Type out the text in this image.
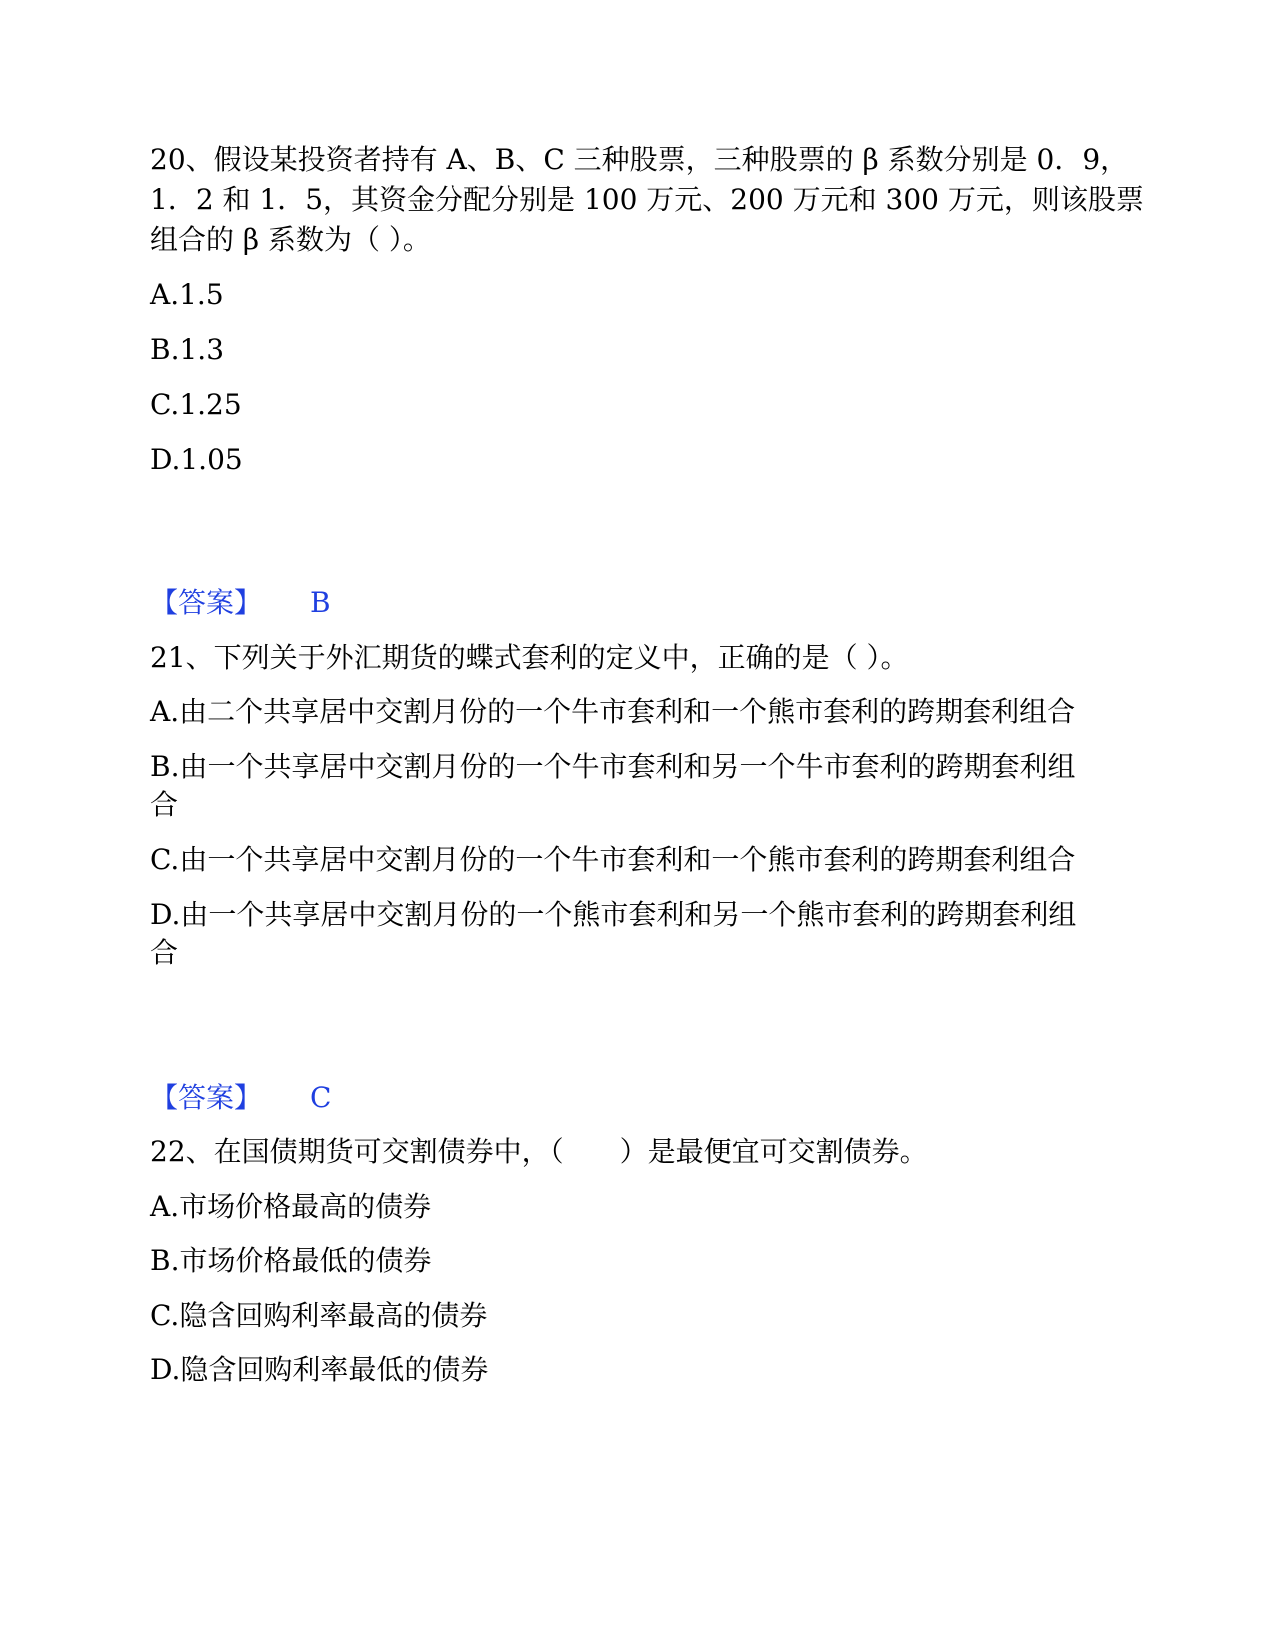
20、假设某投资者持有 A、B、C 三种股票，三种股票的 β 系数分别是 0．9，
1．2 和 1．5，其资金分配分别是 100 万元、200 万元和 300 万元，则该股票
组合的 β 系数为（ ）。
A.1.5
B.1.3
C.1.25
D.1.05
【答案】 B
21、下列关于外汇期货的蝶式套利的定义中，正确的是（ ）。
A.由二个共享居中交割月份的一个牛市套利和一个熊市套利的跨期套利组合
B.由一个共享居中交割月份的一个牛市套利和另一个牛市套利的跨期套利组
合
C.由一个共享居中交割月份的一个牛市套利和一个熊市套利的跨期套利组合
D.由一个共享居中交割月份的一个熊市套利和另一个熊市套利的跨期套利组
合
【答案】 C
22、在国债期货可交割债券中，（　　）是最便宜可交割债券。
A.市场价格最高的债券
B.市场价格最低的债券
C.隐含回购利率最高的债券
D.隐含回购利率最低的债券
